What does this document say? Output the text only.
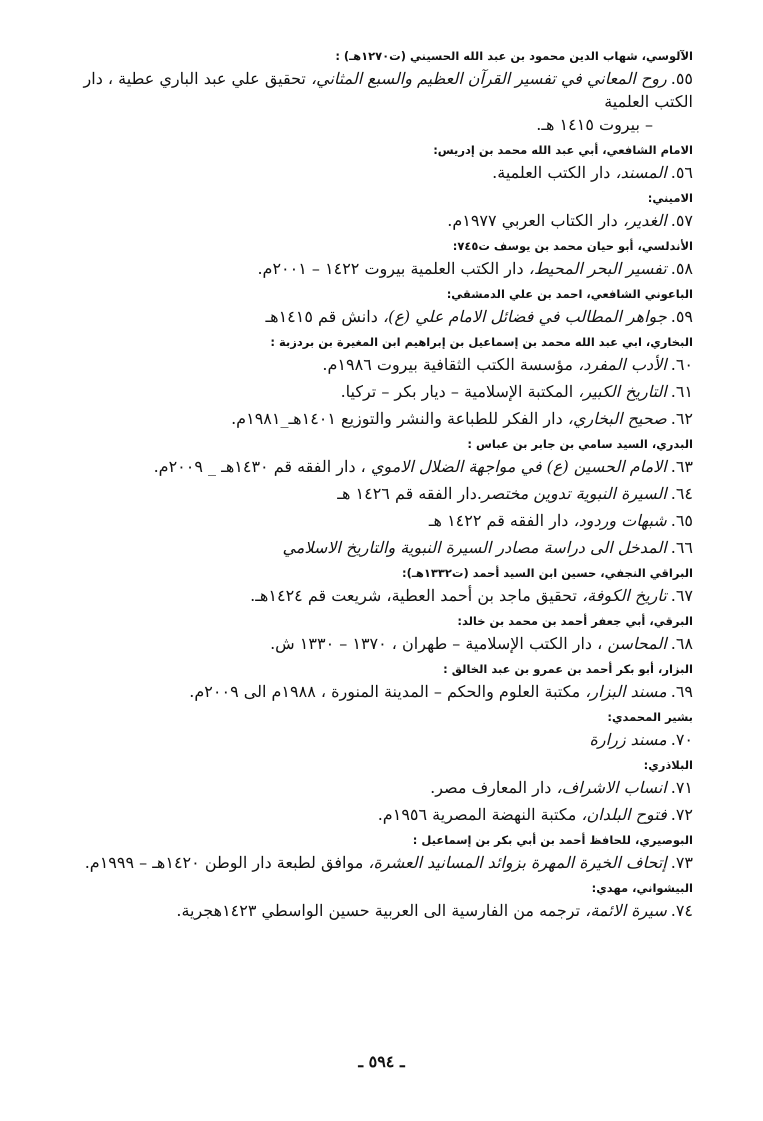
الآلوسي، شهاب الدين محمود بن عبد الله الحسيني (ت١٢٧٠هـ) :
٥٥.روح المعاني في تفسير القرآن العظيم والسبع المثاني، تحقيق علي عبد الباري عطية ، دار الكتب العلمية
– بيروت ١٤١٥ هـ.
الامام الشافعي، أبي عبد الله محمد بن إدريس:
٥٦.المسند، دار الكتب العلمية.
الاميني:
٥٧.الغدير، دار الكتاب العربي ١٩٧٧م.
الأندلسي، أبو حيان محمد بن يوسف ت٧٤٥:
٥٨.تفسير البحر المحيط، دار الكتب العلمية بيروت ١٤٢٢ – ٢٠٠١م.
الباعوني الشافعي، احمد بن علي الدمشقي:
٥٩.جواهر المطالب في فضائل الامام علي (ع)، دانش قم ١٤١٥هـ
البخاري، ابي عبد الله محمد بن إسماعيل بن إبراهيم ابن المغيرة بن بردزبة :
٦٠.الأدب المفرد، مؤسسة الكتب الثقافية بيروت ١٩٨٦م.
٦١.التاريخ الكبير، المكتبة الإسلامية – ديار بكر – تركيا.
٦٢.صحيح البخاري، دار الفكر للطباعة والنشر والتوزيع ١٤٠١هـ_١٩٨١م.
البدري، السيد سامي بن جابر بن عباس :
٦٣.الامام الحسين (ع) في مواجهة الضلال الاموي ، دار الفقه قم ١٤٣٠هـ _ ٢٠٠٩م.
٦٤.السيرة النبوية تدوين مختصر.دار الفقه قم ١٤٢٦ هـ
٦٥.شبهات وردود، دار الفقه قم ١٤٢٢ هـ
٦٦.المدخل الى دراسة مصادر السيرة النبوية والتاريخ الاسلامي
البراقي النجفي، حسين ابن السيد أحمد (ت١٣٣٢هـ):
٦٧.تاريخ الكوفة، تحقيق ماجد بن أحمد العطية، شريعت قم ١٤٢٤هـ.
البرقي، أبي جعفر أحمد بن محمد بن خالد:
٦٨.المحاسن ، دار الكتب الإسلامية – طهران ، ١٣٧٠ – ١٣٣٠ ش.
البزار، أبو بكر أحمد بن عمرو بن عبد الخالق :
٦٩.مسند البزار، مكتبة العلوم والحكم – المدينة المنورة ، ١٩٨٨م الى ٢٠٠٩م.
بشير المحمدي:
٧٠.مسند زرارة
البلاذري:
٧١.انساب الاشراف، دار المعارف مصر.
٧٢.فتوح البلدان، مكتبة النهضة المصرية ١٩٥٦م.
البوصيري، للحافظ أحمد بن أبي بكر بن إسماعيل :
٧٣.إتحاف الخيرة المهرة بزوائد المسانيد العشرة، موافق لطبعة دار الوطن ١٤٢٠هـ – ١٩٩٩م.
البيشواني، مهدي:
٧٤.سيرة الائمة، ترجمه من الفارسية الى العربية حسين الواسطي ١٤٢٣هجرية.
ـ ٥٩٤ ـ
